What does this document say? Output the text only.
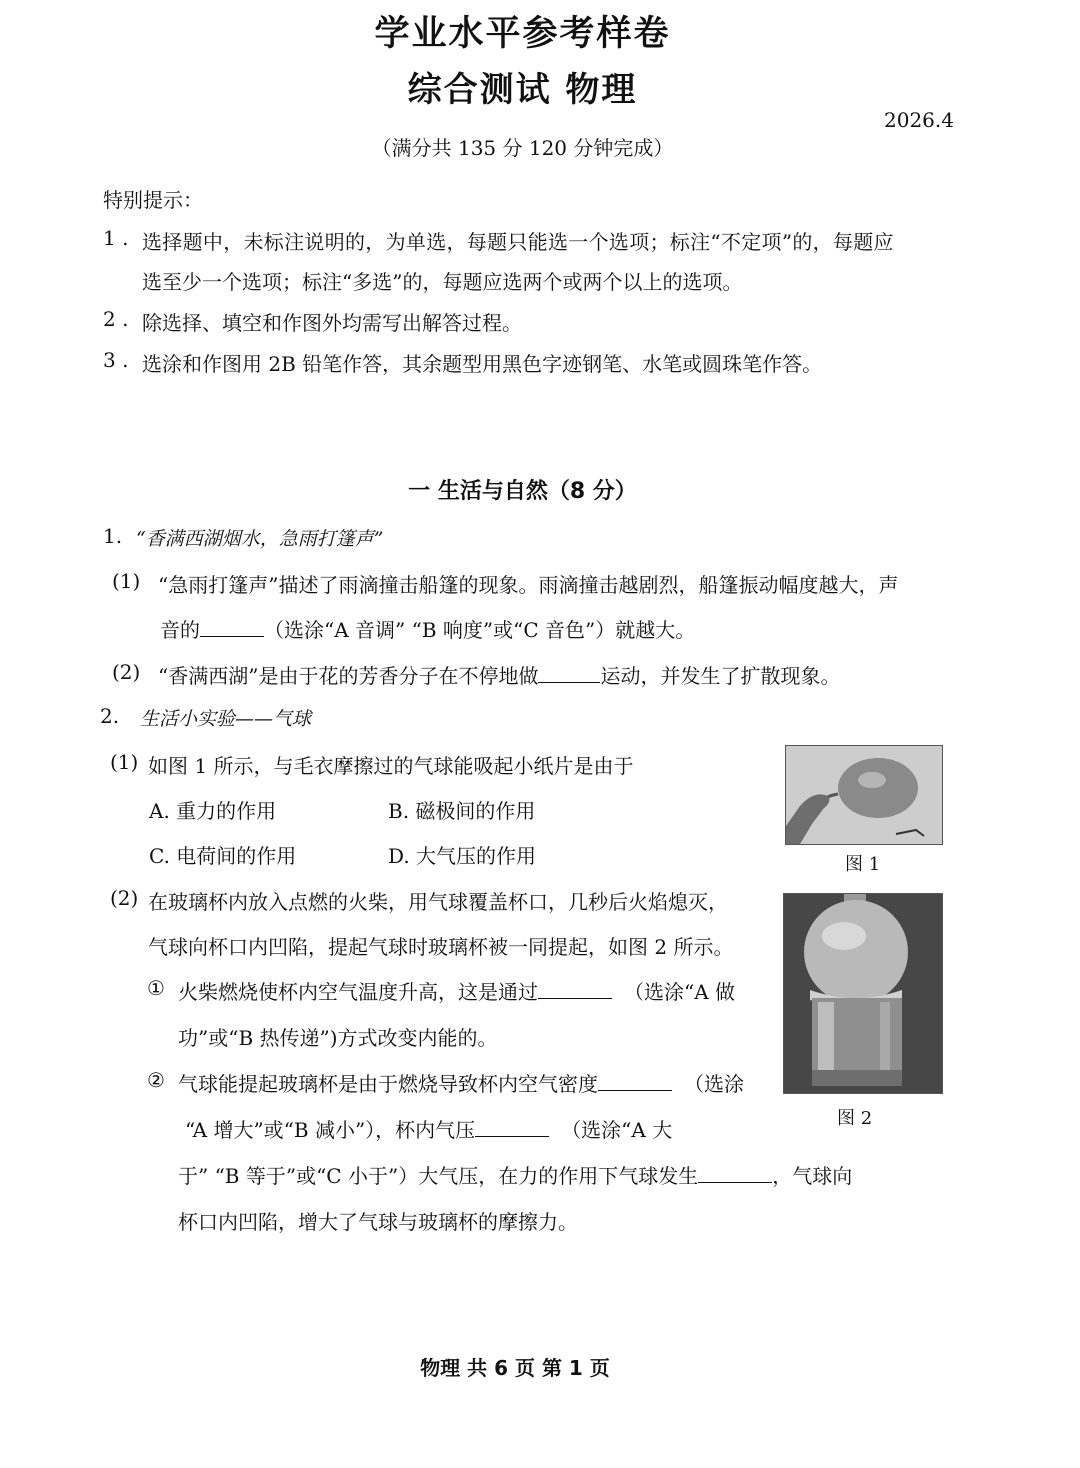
学业水平参考样卷
综合测试 物理
2026.4
（满分共 135 分 120 分钟完成）
特别提示：
1 . 选择题中，未标注说明的，为单选，每题只能选一个选项；标注“不定项”的，每题应
选至少一个选项；标注“多选”的，每题应选两个或两个以上的选项。
2 . 除选择、填空和作图外均需写出解答过程。
3 . 选涂和作图用 2B 铅笔作答，其余题型用黑色字迹钢笔、水笔或圆珠笔作答。
一 生活与自然（8 分）
1. “香满西湖烟水，急雨打篷声”
(1) “急雨打篷声”描述了雨滴撞击船篷的现象。雨滴撞击越剧烈，船篷振动幅度越大，声
音的	（选涂“A 音调” “B 响度”或“C 音色”）就越大。
(2) “香满西湖”是由于花的芳香分子在不停地做	运动，并发生了扩散现象。
2. 生活小实验——气球
(1) 如图 1 所示，与毛衣摩擦过的气球能吸起小纸片是由于
A. 重力的作用	B. 磁极间的作用
C. 电荷间的作用	D. 大气压的作用	图 1
(2) 在玻璃杯内放入点燃的火柴，用气球覆盖杯口，几秒后火焰熄灭，
气球向杯口内凹陷，提起气球时玻璃杯被一同提起，如图 2 所示。
① 火柴燃烧使杯内空气温度升高，这是通过	（选涂“A 做
功”或“B 热传递”)方式改变内能的。
② 气球能提起玻璃杯是由于燃烧导致杯内空气密度	（选涂
“A 增大”或“B 减小”），杯内气压	（选涂“A 大
于” “B 等于”或“C 小于”）大气压，在力的作用下气球发生	，气球向
杯口内凹陷，增大了气球与玻璃杯的摩擦力。
图 2
物理 共 6 页 第 1 页
